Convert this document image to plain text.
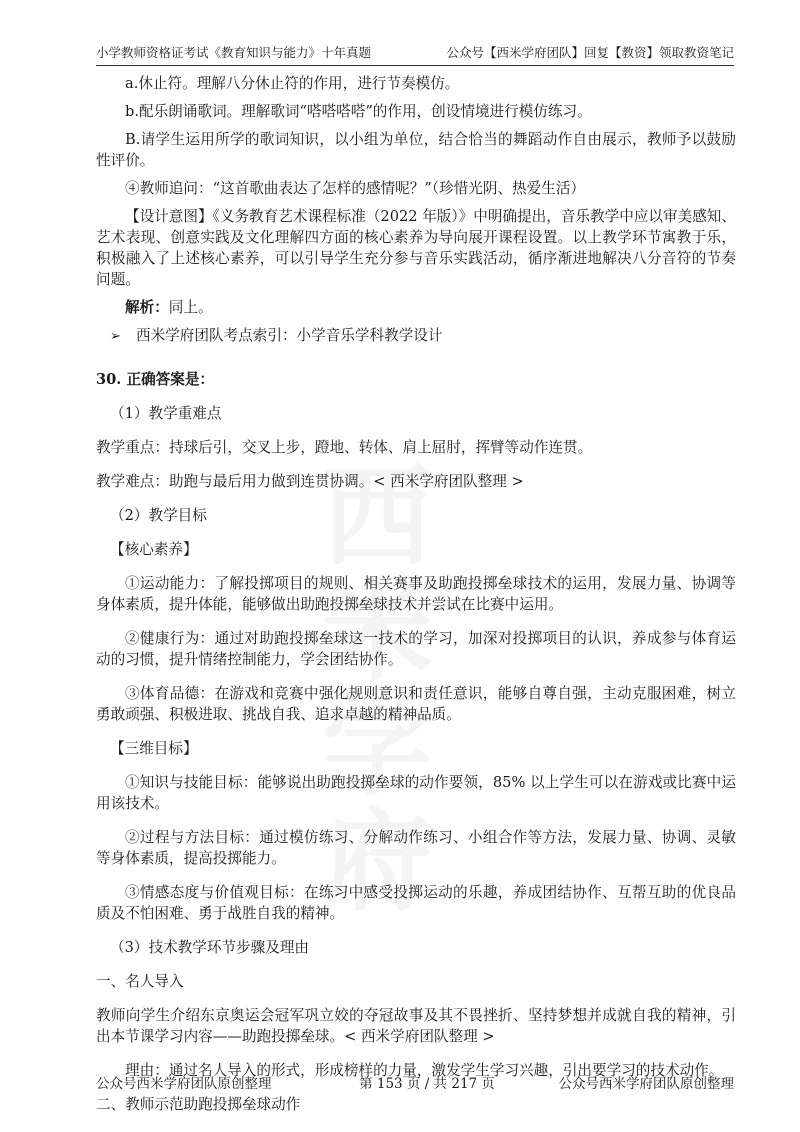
小学教师资格证考试《教育知识与能力》十年真题	公众号【西米学府团队】回复【教资】领取教资笔记

a.休止符。理解八分休止符的作用，进行节奏模仿。

b.配乐朗诵歌词。理解歌词“嗒嗒嗒嗒”的作用，创设情境进行模仿练习。

B.请学生运用所学的歌词知识，以小组为单位，结合恰当的舞蹈动作自由展示，教师予以鼓励性评价。

④教师追问：“这首歌曲表达了怎样的感情呢？”（珍惜光阴、热爱生活）

【设计意图】《义务教育艺术课程标准（2022 年版）》中明确提出，音乐教学中应以审美感知、艺术表现、创意实践及文化理解四方面的核心素养为导向展开课程设置。以上教学环节寓教于乐，积极融入了上述核心素养，可以引导学生充分参与音乐实践活动，循序渐进地解决八分音符的节奏问题。

解析：同上。

➢	西米学府团队考点索引：小学音乐学科教学设计

30. 正确答案是：

（1）教学重难点

教学重点：持球后引，交叉上步，蹬地、转体、肩上屈肘，挥臂等动作连贯。

教学难点：助跑与最后用力做到连贯协调。< 西米学府团队整理 >

（2）教学目标

【核心素养】

①运动能力：了解投掷项目的规则、相关赛事及助跑投掷垒球技术的运用，发展力量、协调等身体素质，提升体能，能够做出助跑投掷垒球技术并尝试在比赛中运用。

②健康行为：通过对助跑投掷垒球这一技术的学习，加深对投掷项目的认识，养成参与体育运动的习惯，提升情绪控制能力，学会团结协作。

③体育品德：在游戏和竞赛中强化规则意识和责任意识，能够自尊自强，主动克服困难，树立勇敢顽强、积极进取、挑战自我、追求卓越的精神品质。

【三维目标】

①知识与技能目标：能够说出助跑投掷垒球的动作要领，85% 以上学生可以在游戏或比赛中运用该技术。

②过程与方法目标：通过模仿练习、分解动作练习、小组合作等方法，发展力量、协调、灵敏等身体素质，提高投掷能力。

③情感态度与价值观目标：在练习中感受投掷运动的乐趣，养成团结协作、互帮互助的优良品质及不怕困难、勇于战胜自我的精神。

（3）技术教学环节步骤及理由

一、名人导入

教师向学生介绍东京奥运会冠军巩立姣的夺冠故事及其不畏挫折、坚持梦想并成就自我的精神，引出本节课学习内容——助跑投掷垒球。< 西米学府团队整理 >

理由：通过名人导入的形式，形成榜样的力量，激发学生学习兴趣，引出要学习的技术动作。

二、教师示范助跑投掷垒球动作

公众号西米学府团队原创整理	第 153 页 / 共 217 页	公众号西米学府团队原创整理
